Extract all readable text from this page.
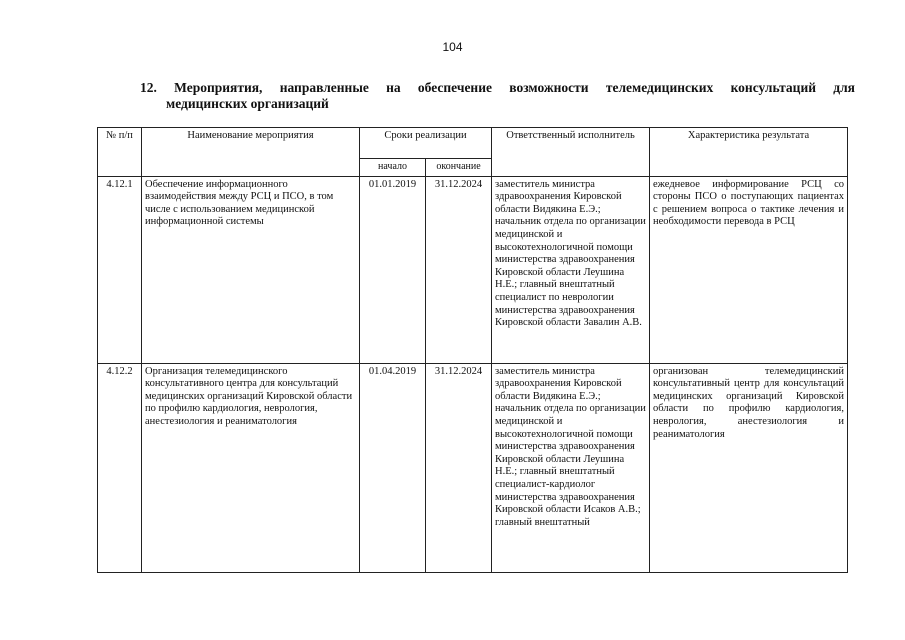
104
12. Мероприятия, направленные на обеспечение возможности телемедицинских консультаций для
медицинских организаций
№ п/п	Наименование мероприятия	Сроки реализации		Ответственный исполнитель	Характеристика результата
		начало	окончание		
4.12.1	Обеспечение информационного взаимодействия между РСЦ и ПСО, в том числе с использованием медицинской информационной системы	01.01.2019	31.12.2024	заместитель министра здравоохранения Кировской области Видякина Е.Э.; начальник отдела по организации медицинской и высокотехнологичной помощи министерства здравоохранения Кировской области Леушина Н.Е.; главный внештатный специалист по неврологии министерства здравоохранения Кировской области Завалин А.В.	ежедневое информирование РСЦ со стороны ПСО о поступающих пациентах с решением вопроса о тактике лечения и необходимости перевода в РСЦ
4.12.2	Организация телемедицинского консультативного центра для консультаций медицинских организаций Кировской области по профилю кардиология, неврология, анестезиология и реаниматология	01.04.2019	31.12.2024	заместитель министра здравоохранения Кировской области Видякина Е.Э.; начальник отдела по организации медицинской и высокотехнологичной помощи министерства здравоохранения Кировской области Леушина Н.Е.; главный внештатный специалист-кардиолог министерства здравоохранения Кировской области Исаков А.В.; главный внештатный	организован телемедицинский консультативный центр для консультаций медицинских организаций Кировской области по профилю кардиология, неврология, анестезиология и реаниматология
